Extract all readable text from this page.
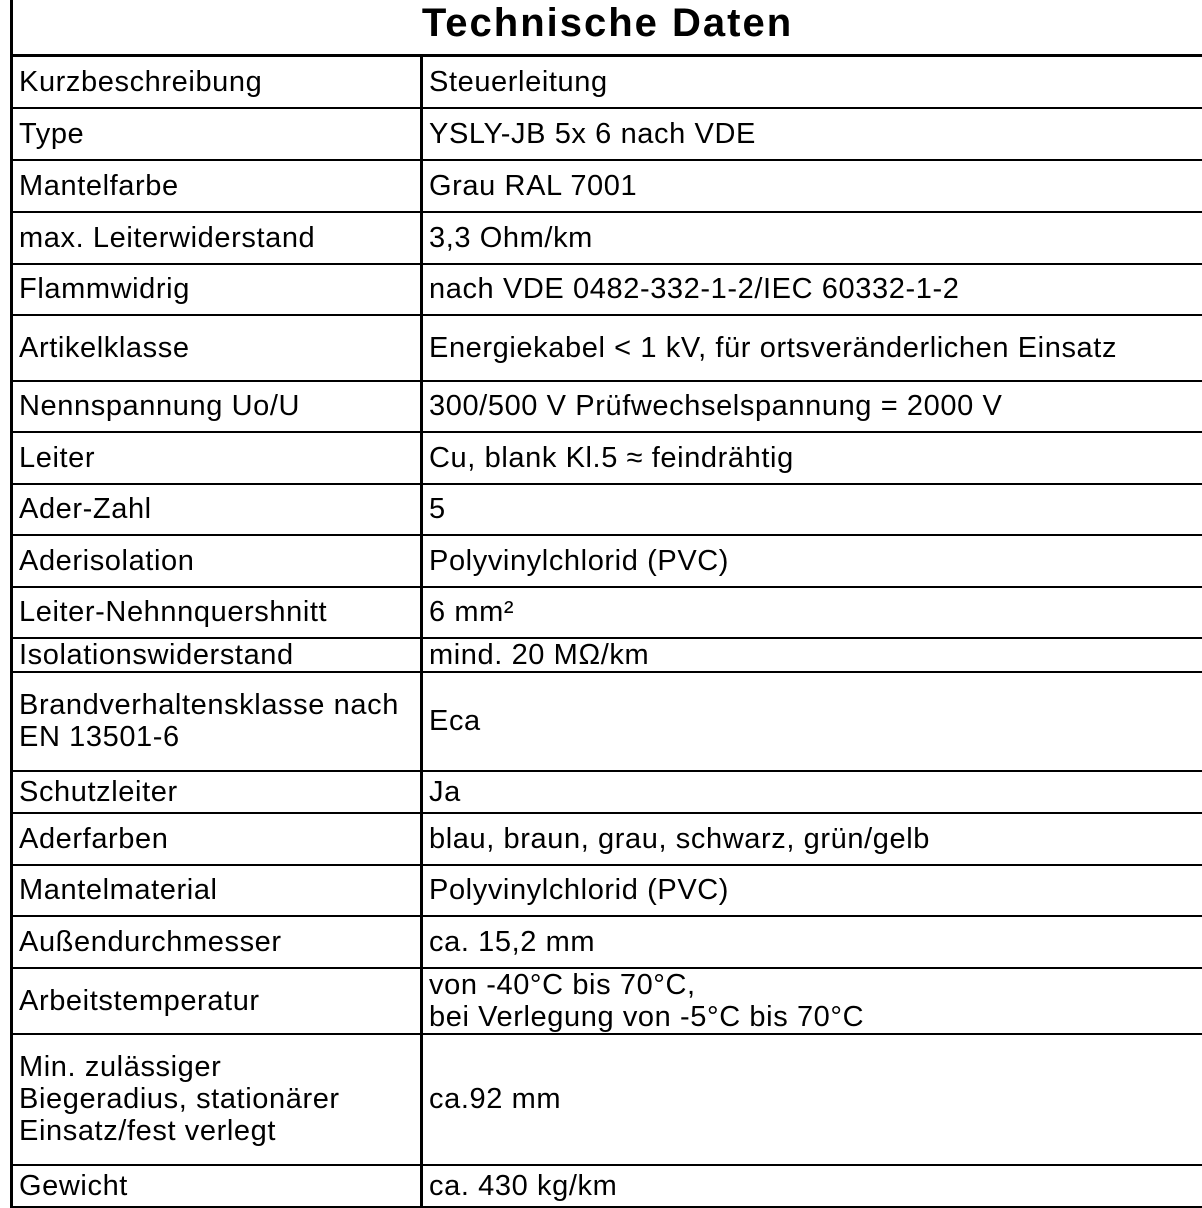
Technische Daten
Kurzbeschreibung	Steuerleitung
Type	YSLY-JB 5x 6 nach VDE
Mantelfarbe	Grau RAL 7001
max. Leiterwiderstand	3,3 Ohm/km
Flammwidrig	nach VDE 0482-332-1-2/IEC 60332-1-2
Artikelklasse	Energiekabel < 1 kV, für ortsveränderlichen Einsatz
Nennspannung Uo/U	300/500 V Prüfwechselspannung = 2000 V
Leiter	Cu, blank Kl.5 ≈ feindrähtig
Ader-Zahl	5
Aderisolation	Polyvinylchlorid (PVC)
Leiter-Nehnnquershnitt	6 mm²
Isolationswiderstand	mind. 20 MΩ/km
Brandverhaltensklasse nach
EN 13501-6	Eca
Schutzleiter	Ja
Aderfarben	blau, braun, grau, schwarz, grün/gelb
Mantelmaterial	Polyvinylchlorid (PVC)
Außendurchmesser	ca. 15,2 mm
Arbeitstemperatur	von -40°C bis 70°C,
bei Verlegung von -5°C bis 70°C
Min. zulässiger Biegeradius, stationärer Einsatz/fest verlegt	ca.92 mm
Gewicht	ca. 430 kg/km
